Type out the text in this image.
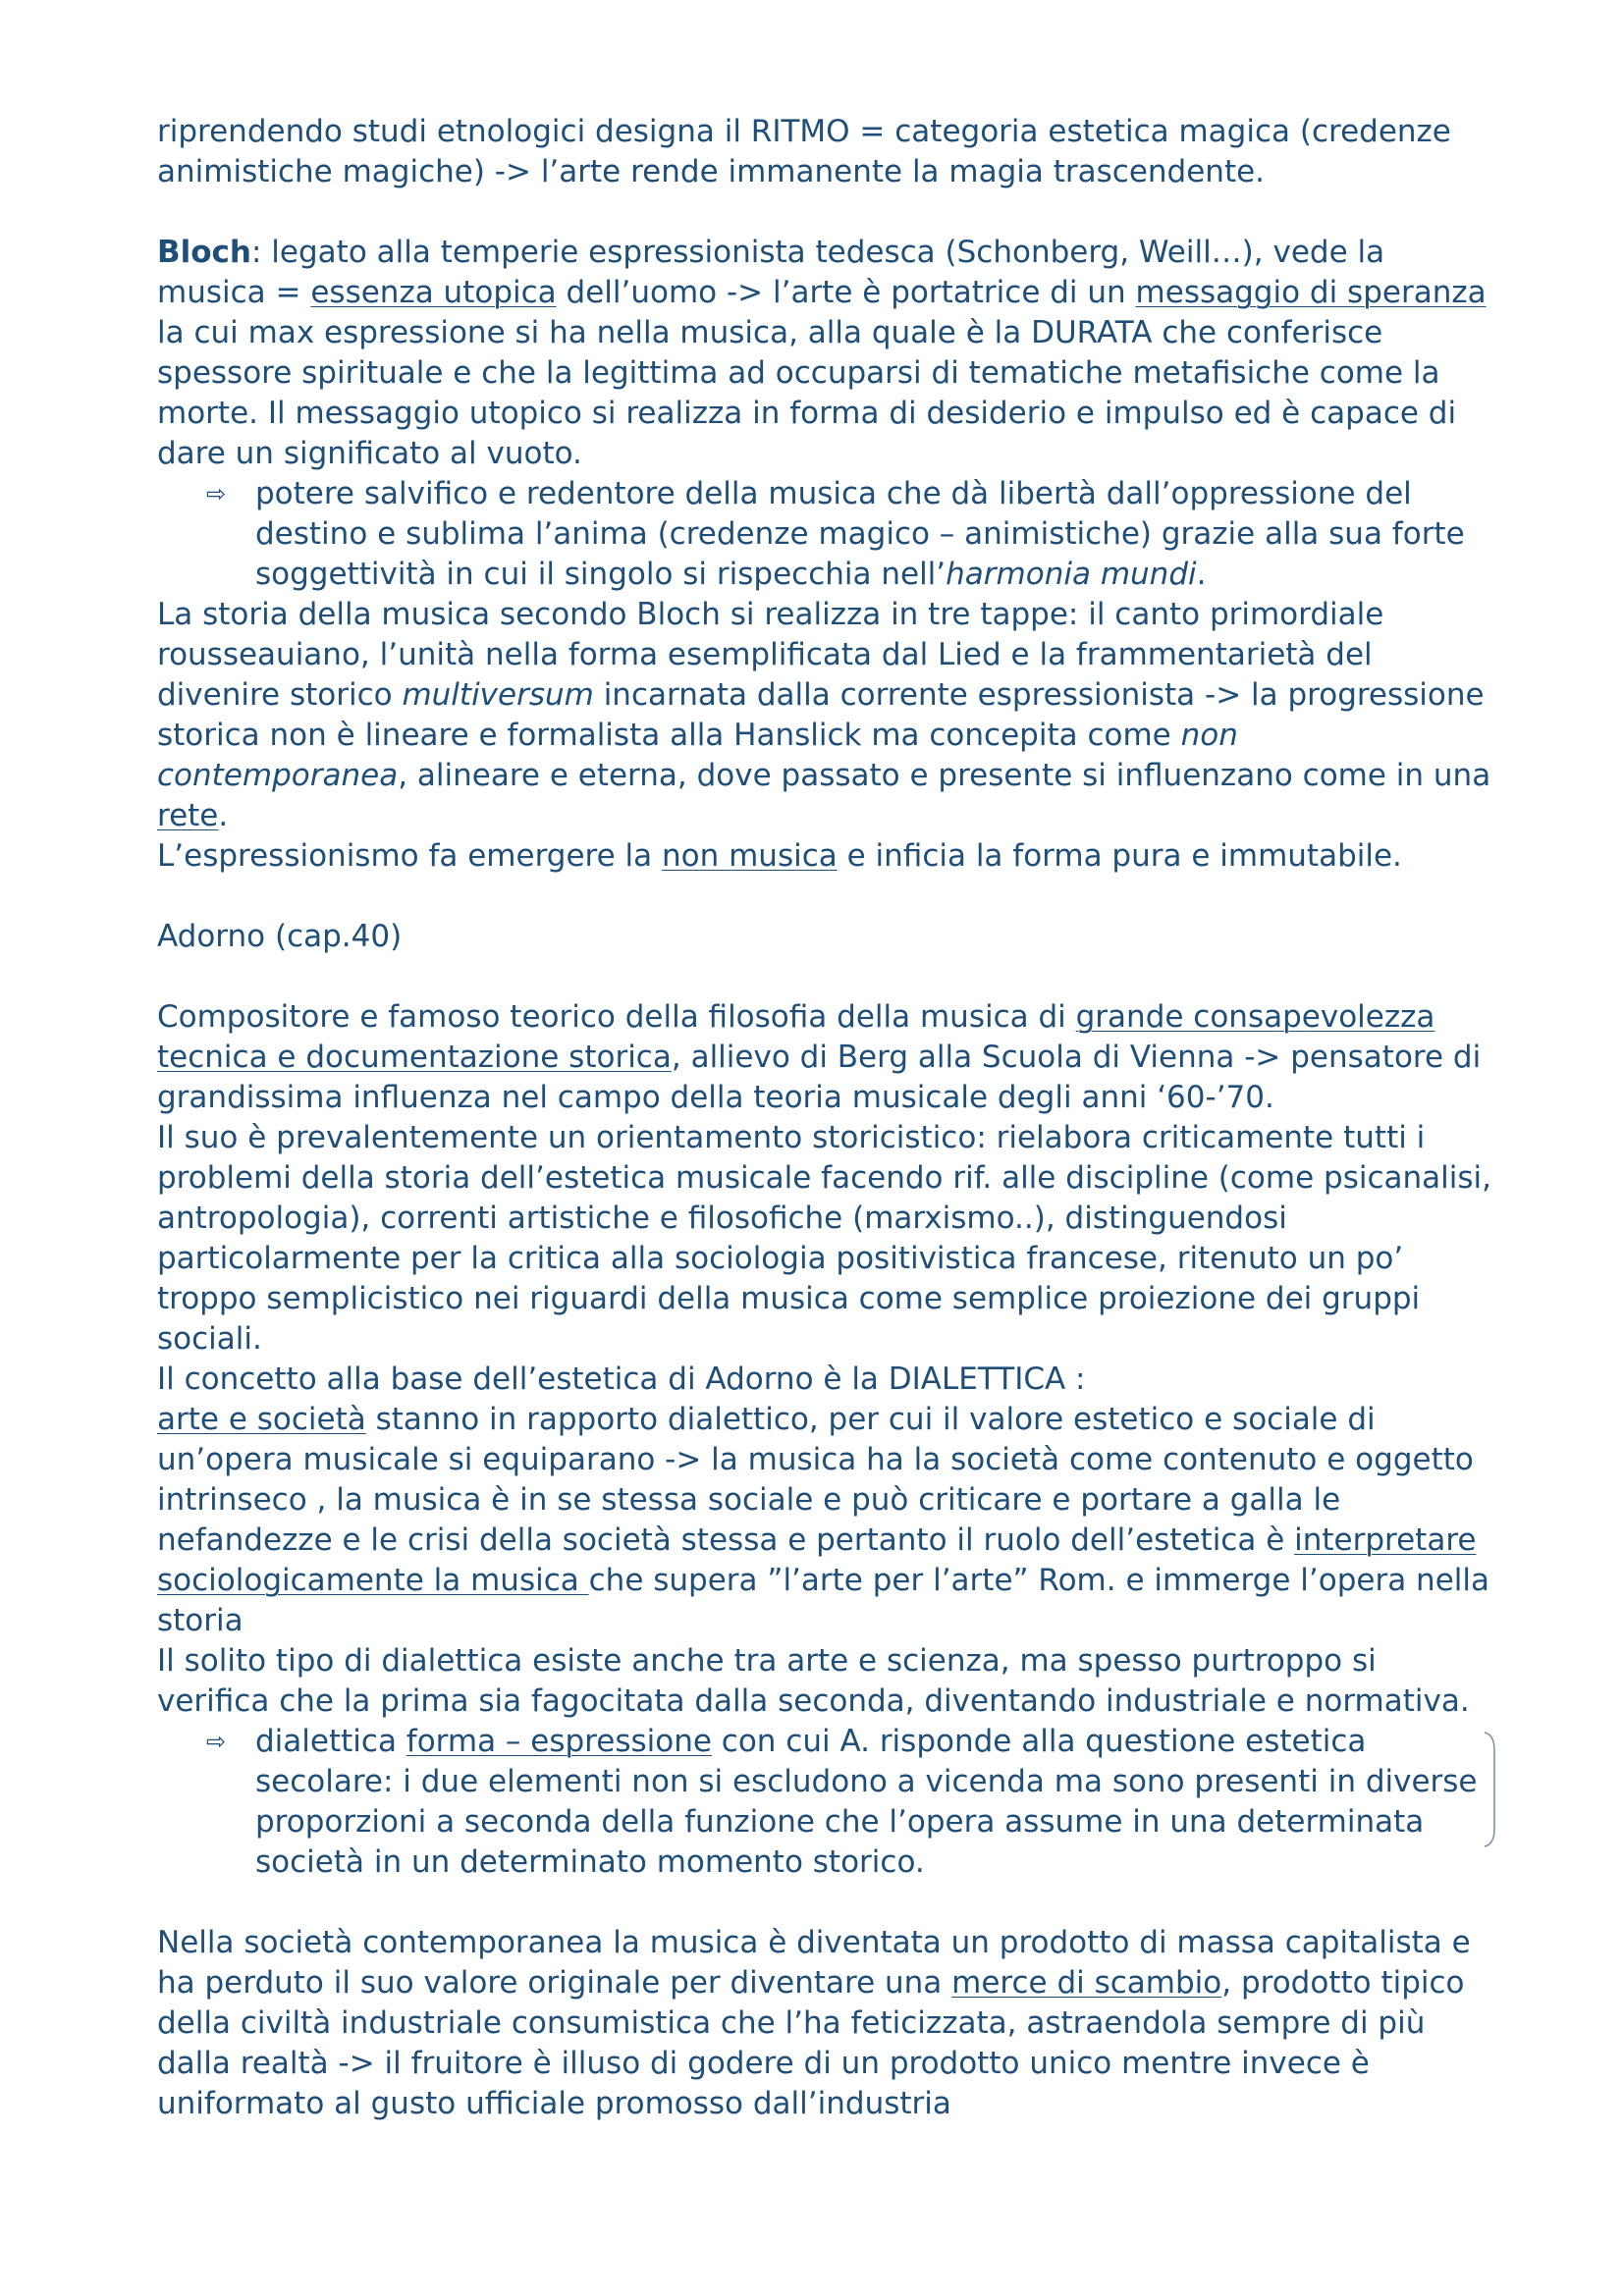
riprendendo studi etnologici designa il RITMO = categoria estetica magica (credenze animistiche magiche) -> l’arte rende immanente la magia trascendente.

Bloch: legato alla temperie espressionista tedesca (Schonberg, Weill…), vede la musica = essenza utopica dell’uomo -> l’arte è portatrice di un messaggio di speranza la cui max espressione si ha nella musica, alla quale è la DURATA che conferisce spessore spirituale e che la legittima ad occuparsi di tematiche metafisiche come la morte. Il messaggio utopico si realizza in forma di desiderio e impulso ed è capace di dare un significato al vuoto.

⇨ potere salvifico e redentore della musica che dà libertà dall’oppressione del destino e sublima l’anima (credenze magico – animistiche) grazie alla sua forte soggettività in cui il singolo si rispecchia nell’harmonia mundi.

La storia della musica secondo Bloch si realizza in tre tappe: il canto primordiale rousseauiano, l’unità nella forma esemplificata dal Lied e la frammentarietà del divenire storico multiversum incarnata dalla corrente espressionista -> la progressione storica non è lineare e formalista alla Hanslick ma concepita come non contemporanea, alineare e eterna, dove passato e presente si influenzano come in una rete.

L’espressionismo fa emergere la non musica e inficia la forma pura e immutabile.

Adorno (cap.40)

Compositore e famoso teorico della filosofia della musica di grande consapevolezza tecnica e documentazione storica, allievo di Berg alla Scuola di Vienna -> pensatore di grandissima influenza nel campo della teoria musicale degli anni ‘60-’70.

Il suo è prevalentemente un orientamento storicistico: rielabora criticamente tutti i problemi della storia dell’estetica musicale facendo rif. alle discipline (come psicanalisi, antropologia), correnti artistiche e filosofiche (marxismo..), distinguendosi particolarmente per la critica alla sociologia positivistica francese, ritenuto un po’ troppo semplicistico nei riguardi della musica come semplice proiezione dei gruppi sociali.

Il concetto alla base dell’estetica di Adorno è la DIALETTICA :

arte e società stanno in rapporto dialettico, per cui il valore estetico e sociale di un’opera musicale si equiparano -> la musica ha la società come contenuto e oggetto intrinseco , la musica è in se stessa sociale e può criticare e portare a galla le nefandezze e le crisi della società stessa e pertanto il ruolo dell’estetica è interpretare sociologicamente la musica che supera ”l’arte per l’arte” Rom. e immerge l’opera nella storia

Il solito tipo di dialettica esiste anche tra arte e scienza, ma spesso purtroppo si verifica che la prima sia fagocitata dalla seconda, diventando industriale e normativa.

⇨ dialettica forma – espressione con cui A. risponde alla questione estetica secolare: i due elementi non si escludono a vicenda ma sono presenti in diverse proporzioni a seconda della funzione che l’opera assume in una determinata società in un determinato momento storico.

Nella società contemporanea la musica è diventata un prodotto di massa capitalista e ha perduto il suo valore originale per diventare una merce di scambio, prodotto tipico della civiltà industriale consumistica che l’ha feticizzata, astraendola sempre di più dalla realtà -> il fruitore è illuso di godere di un prodotto unico mentre invece è uniformato al gusto ufficiale promosso dall’industria
